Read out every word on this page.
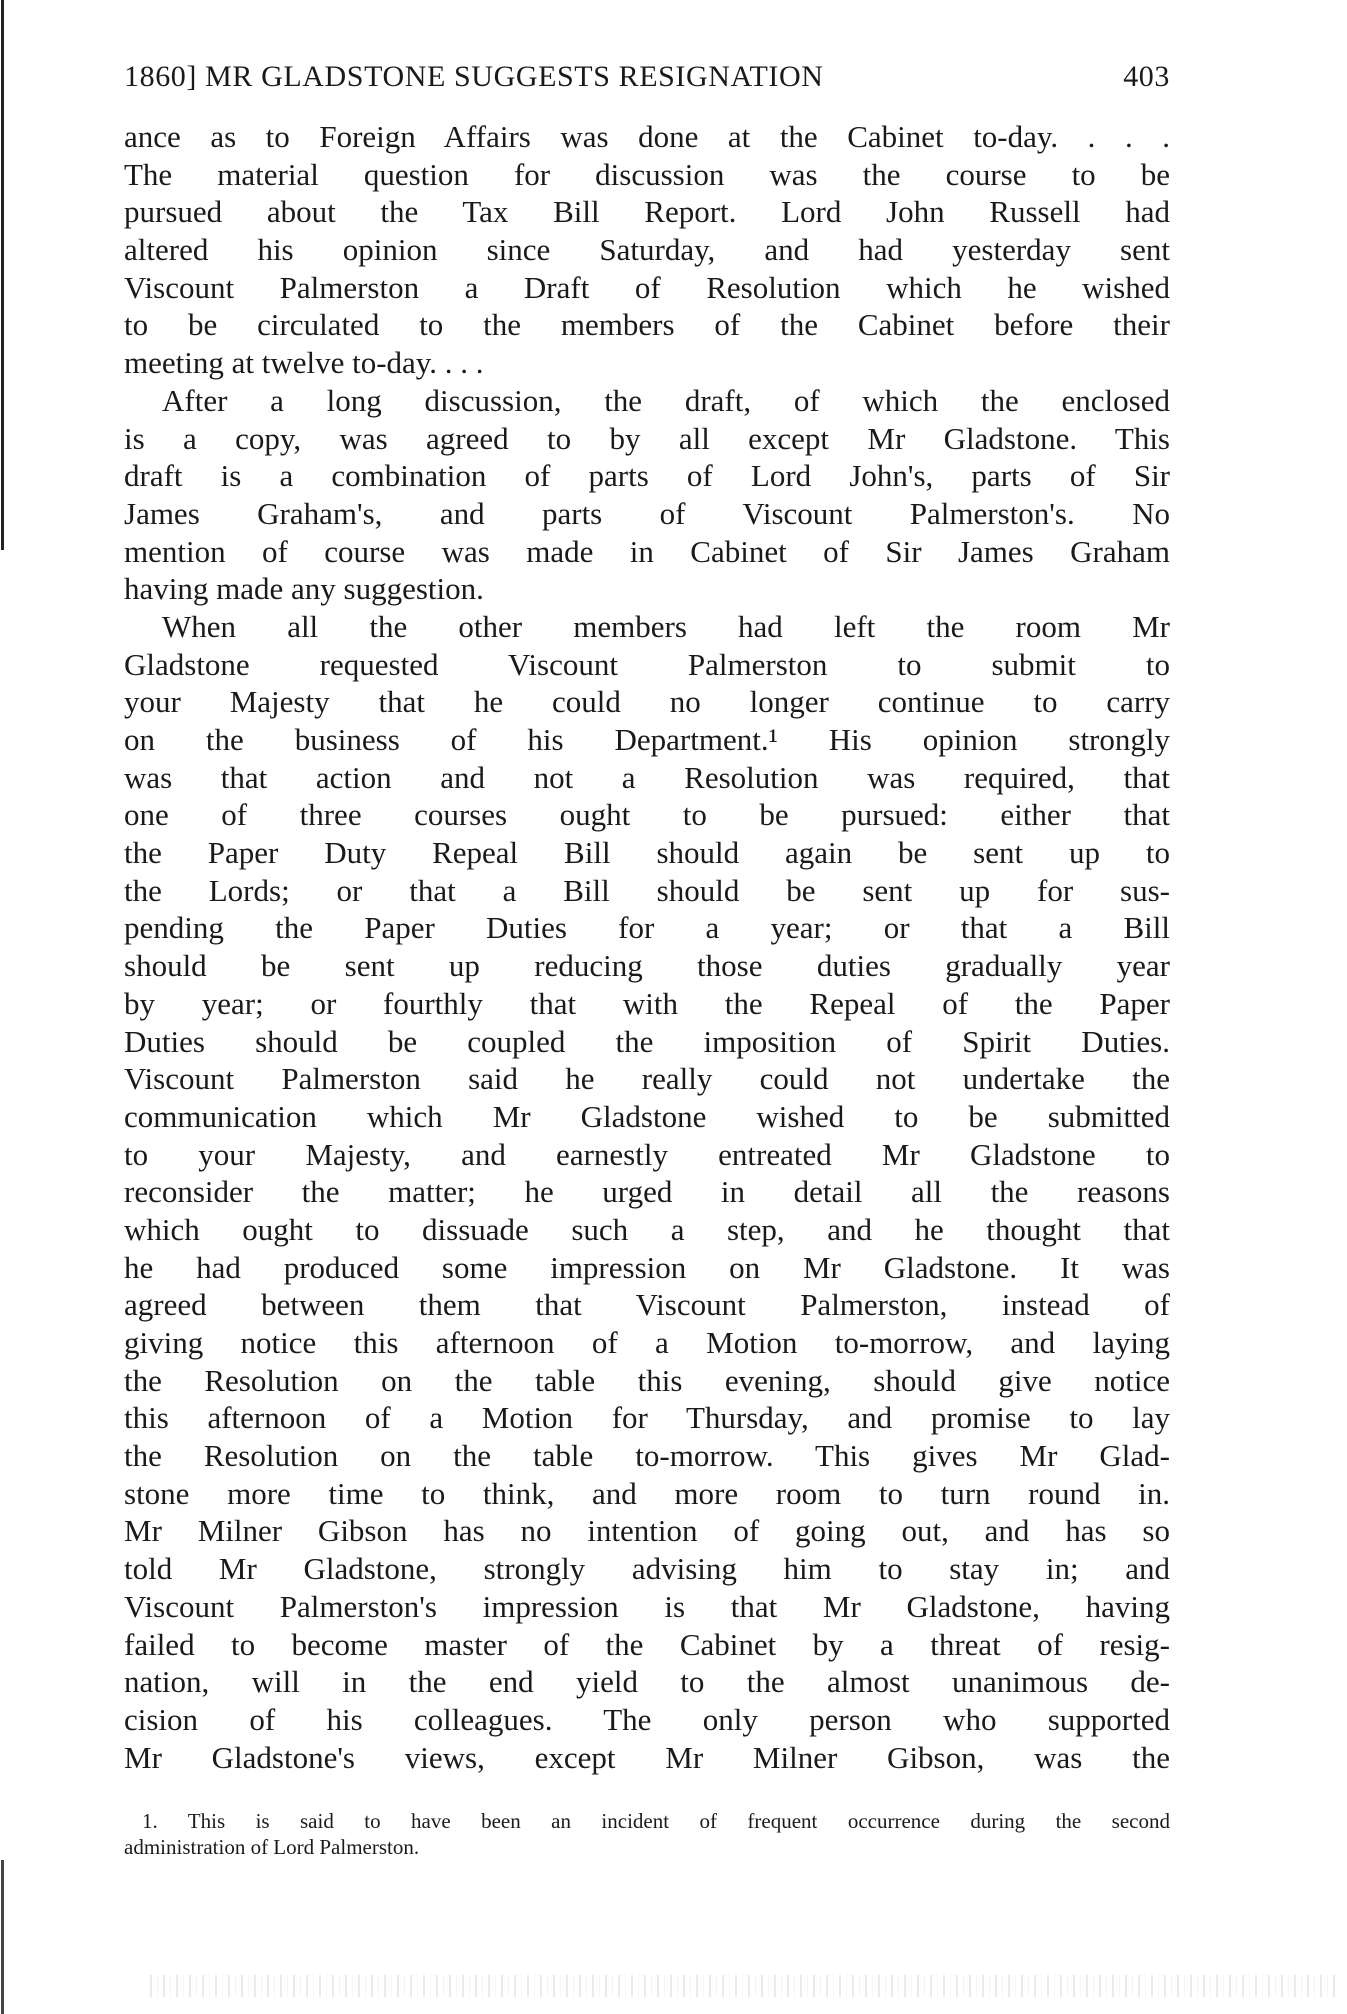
1860] MR GLADSTONE SUGGESTS RESIGNATION	403
ance as to Foreign Affairs was done at the Cabinet to-day. . . .
The material question for discussion was the course to be
pursued about the Tax Bill Report. Lord John Russell had
altered his opinion since Saturday, and had yesterday sent
Viscount Palmerston a Draft of Resolution which he wished
to be circulated to the members of the Cabinet before their
meeting at twelve to-day. . . .
After a long discussion, the draft, of which the enclosed
is a copy, was agreed to by all except Mr Gladstone. This
draft is a combination of parts of Lord John's, parts of Sir
James Graham's, and parts of Viscount Palmerston's. No
mention of course was made in Cabinet of Sir James Graham
having made any suggestion.
When all the other members had left the room Mr
Gladstone requested Viscount Palmerston to submit to
your Majesty that he could no longer continue to carry
on the business of his Department.¹ His opinion strongly
was that action and not a Resolution was required, that
one of three courses ought to be pursued: either that
the Paper Duty Repeal Bill should again be sent up to
the Lords; or that a Bill should be sent up for sus-
pending the Paper Duties for a year; or that a Bill
should be sent up reducing those duties gradually year
by year; or fourthly that with the Repeal of the Paper
Duties should be coupled the imposition of Spirit Duties.
Viscount Palmerston said he really could not undertake the
communication which Mr Gladstone wished to be submitted
to your Majesty, and earnestly entreated Mr Gladstone to
reconsider the matter; he urged in detail all the reasons
which ought to dissuade such a step, and he thought that
he had produced some impression on Mr Gladstone. It was
agreed between them that Viscount Palmerston, instead of
giving notice this afternoon of a Motion to-morrow, and laying
the Resolution on the table this evening, should give notice
this afternoon of a Motion for Thursday, and promise to lay
the Resolution on the table to-morrow. This gives Mr Glad-
stone more time to think, and more room to turn round in.
Mr Milner Gibson has no intention of going out, and has so
told Mr Gladstone, strongly advising him to stay in; and
Viscount Palmerston's impression is that Mr Gladstone, having
failed to become master of the Cabinet by a threat of resig-
nation, will in the end yield to the almost unanimous de-
cision of his colleagues. The only person who supported
Mr Gladstone's views, except Mr Milner Gibson, was the
1. This is said to have been an incident of frequent occurrence during the second
administration of Lord Palmerston.
